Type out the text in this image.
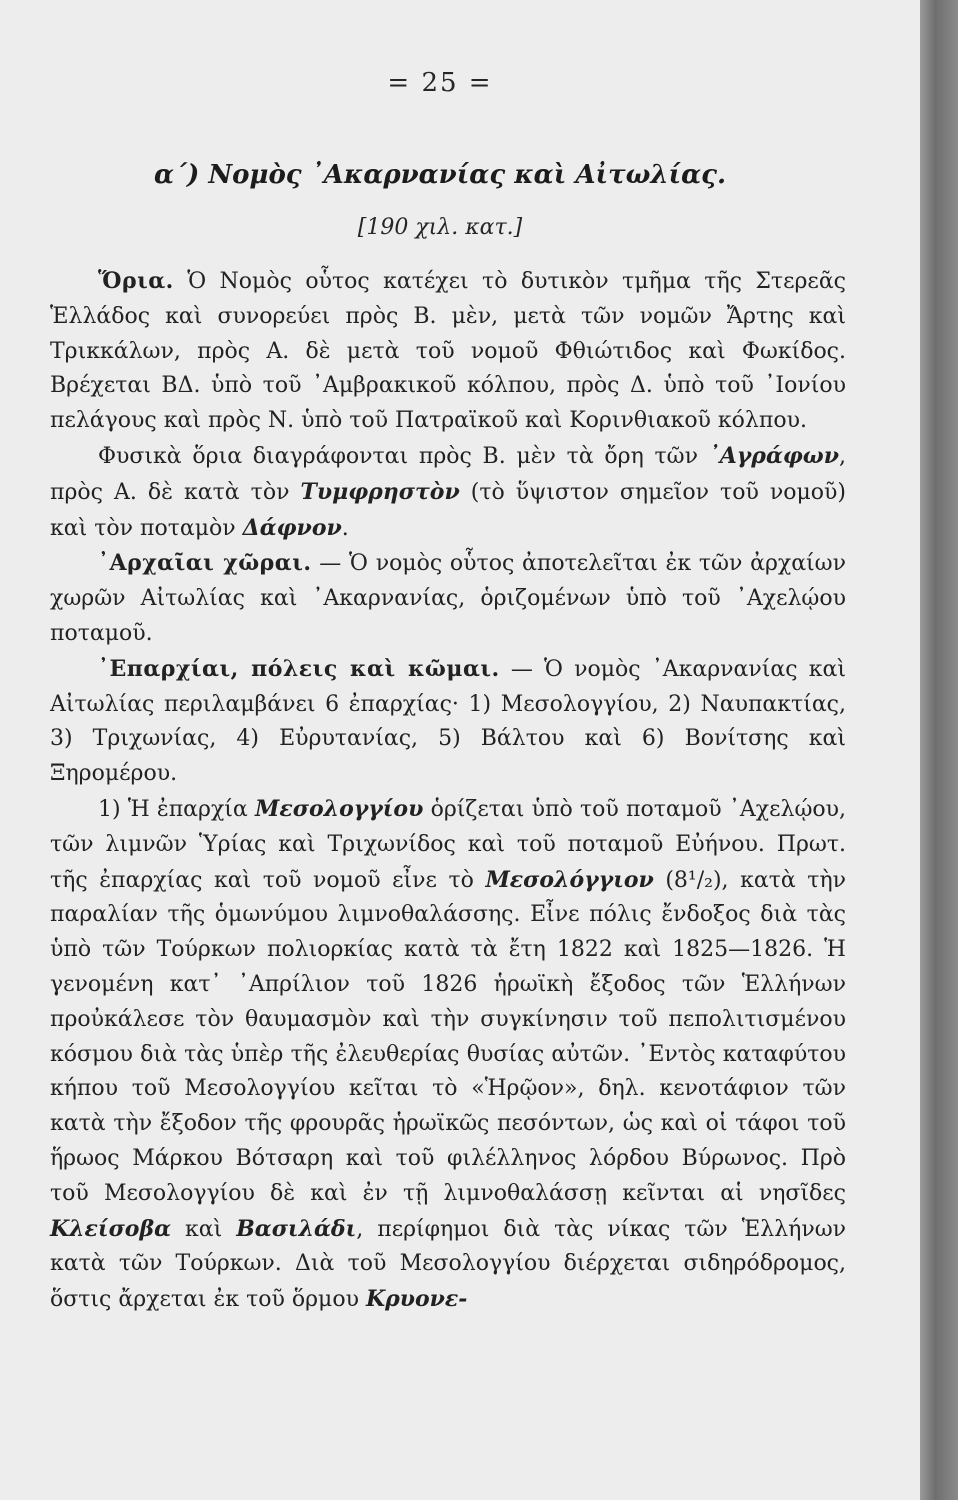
= 25 =
α΄) Νομὸς ᾿Ακαρνανίας καὶ Αἰτωλίας.
[190 χιλ. κατ.]

Ὅρια. Ὁ Νομὸς οὗτος κατέχει τὸ δυτικὸν τμῆμα τῆς Στερεᾶς Ἑλλάδος καὶ συνορεύει πρὸς Β. μὲν, μετὰ τῶν νομῶν Ἄρτης καὶ Τρικκάλων, πρὸς Α. δὲ μετὰ τοῦ νομοῦ Φθιώτιδος καὶ Φωκίδος. Βρέχεται ΒΔ. ὑπὸ τοῦ ᾿Αμβρακικοῦ κόλπου, πρὸς Δ. ὑπὸ τοῦ ᾿Ιονίου πελάγους καὶ πρὸς Ν. ὑπὸ τοῦ Πατραϊκοῦ καὶ Κορινθιακοῦ κόλπου.

Φυσικὰ ὅρια διαγράφονται πρὸς Β. μὲν τὰ ὄρη τῶν ᾿Αγράφων, πρὸς Α. δὲ κατὰ τὸν Τυμφρηστὸν (τὸ ὕψιστον σημεῖον τοῦ νομοῦ) καὶ τὸν ποταμὸν Δάφνον.

᾿Αρχαῖαι χῶραι. — Ὁ νομὸς οὗτος ἀποτελεῖται ἐκ τῶν ἀρχαίων χωρῶν Αἰτωλίας καὶ ᾿Ακαρνανίας, ὁριζομένων ὑπὸ τοῦ ᾿Αχελῴου ποταμοῦ.

᾿Επαρχίαι, πόλεις καὶ κῶμαι. — Ὁ νομὸς ᾿Ακαρνανίας καὶ Αἰτωλίας περιλαμβάνει 6 ἐπαρχίας· 1) Μεσολογγίου, 2) Ναυπακτίας, 3) Τριχωνίας, 4) Εὐρυτανίας, 5) Βάλτου καὶ 6) Βονίτσης καὶ Ξηρομέρου.

1) Ἡ ἐπαρχία Μεσολογγίου ὁρίζεται ὑπὸ τοῦ ποταμοῦ ᾿Αχελῴου, τῶν λιμνῶν Ὑρίας καὶ Τριχωνίδος καὶ τοῦ ποταμοῦ Εὐήνου. Πρωτ. τῆς ἐπαρχίας καὶ τοῦ νομοῦ εἶνε τὸ Μεσολόγγιον (8¹/₂), κατὰ τὴν παραλίαν τῆς ὁμωνύμου λιμνοθαλάσσης. Εἶνε πόλις ἔνδοξος διὰ τὰς ὑπὸ τῶν Τούρκων πολιορκίας κατὰ τὰ ἔτη 1822 καὶ 1825—1826. Ἡ γενομένη κατ᾿ ᾿Απρίλιον τοῦ 1826 ἡρωϊκὴ ἔξοδος τῶν Ἑλλήνων προὐκάλεσε τὸν θαυμασμὸν καὶ τὴν συγκίνησιν τοῦ πεπολιτισμένου κόσμου διὰ τὰς ὑπὲρ τῆς ἐλευθερίας θυσίας αὐτῶν. ᾿Εντὸς καταφύτου κήπου τοῦ Μεσολογγίου κεῖται τὸ «Ἡρῷον», δηλ. κενοτάφιον τῶν κατὰ τὴν ἔξοδον τῆς φρουρᾶς ἡρωϊκῶς πεσόντων, ὡς καὶ οἱ τάφοι τοῦ ἥρωος Μάρκου Βότσαρη καὶ τοῦ φιλέλληνος λόρδου Βύρωνος. Πρὸ τοῦ Μεσολογγίου δὲ καὶ ἐν τῇ λιμνοθαλάσσῃ κεῖνται αἱ νησῖδες Κλείσοβα καὶ Βασιλάδι, περίφημοι διὰ τὰς νίκας τῶν Ἑλλήνων κατὰ τῶν Τούρκων. Διὰ τοῦ Μεσολογγίου διέρχεται σιδηρόδρομος, ὅστις ἄρχεται ἐκ τοῦ ὅρμου Κρυονε-
